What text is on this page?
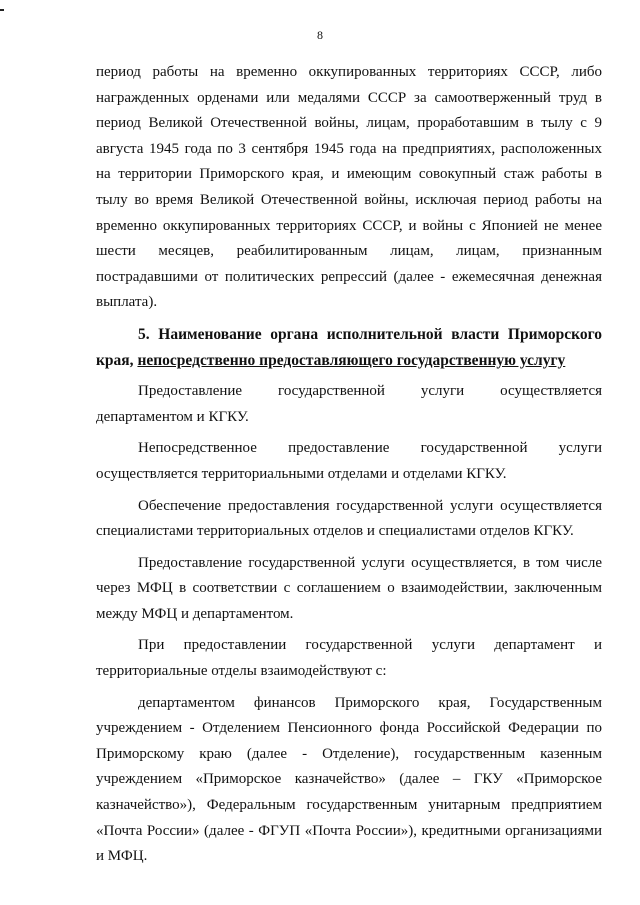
8

период работы на временно оккупированных территориях СССР, либо награжденных орденами или медалями СССР за самоотверженный труд в период Великой Отечественной войны, лицам, проработавшим в тылу с 9 августа 1945 года по 3 сентября 1945 года на предприятиях, расположенных на территории Приморского края, и имеющим совокупный стаж работы в тылу во время Великой Отечественной войны, исключая период работы на временно оккупированных территориях СССР, и войны с Японией не менее шести месяцев, реабилитированным лицам, лицам, признанным пострадавшими от политических репрессий (далее - ежемесячная денежная выплата).

5. Наименование органа исполнительной власти Приморского края, непосредственно предоставляющего государственную услугу

Предоставление государственной услуги осуществляется департаментом и КГКУ.

Непосредственное предоставление государственной услуги осуществляется территориальными отделами и отделами КГКУ.

Обеспечение предоставления государственной услуги осуществляется специалистами территориальных отделов и специалистами отделов КГКУ.

Предоставление государственной услуги осуществляется, в том числе через МФЦ в соответствии с соглашением о взаимодействии, заключенным между МФЦ и департаментом.

При предоставлении государственной услуги департамент и территориальные отделы взаимодействуют с:

департаментом финансов Приморского края, Государственным учреждением - Отделением Пенсионного фонда Российской Федерации по Приморскому краю (далее - Отделение), государственным казенным учреждением «Приморское казначейство» (далее – ГКУ «Приморское казначейство»), Федеральным государственным унитарным предприятием «Почта России» (далее - ФГУП «Почта России»), кредитными организациями и МФЦ.
